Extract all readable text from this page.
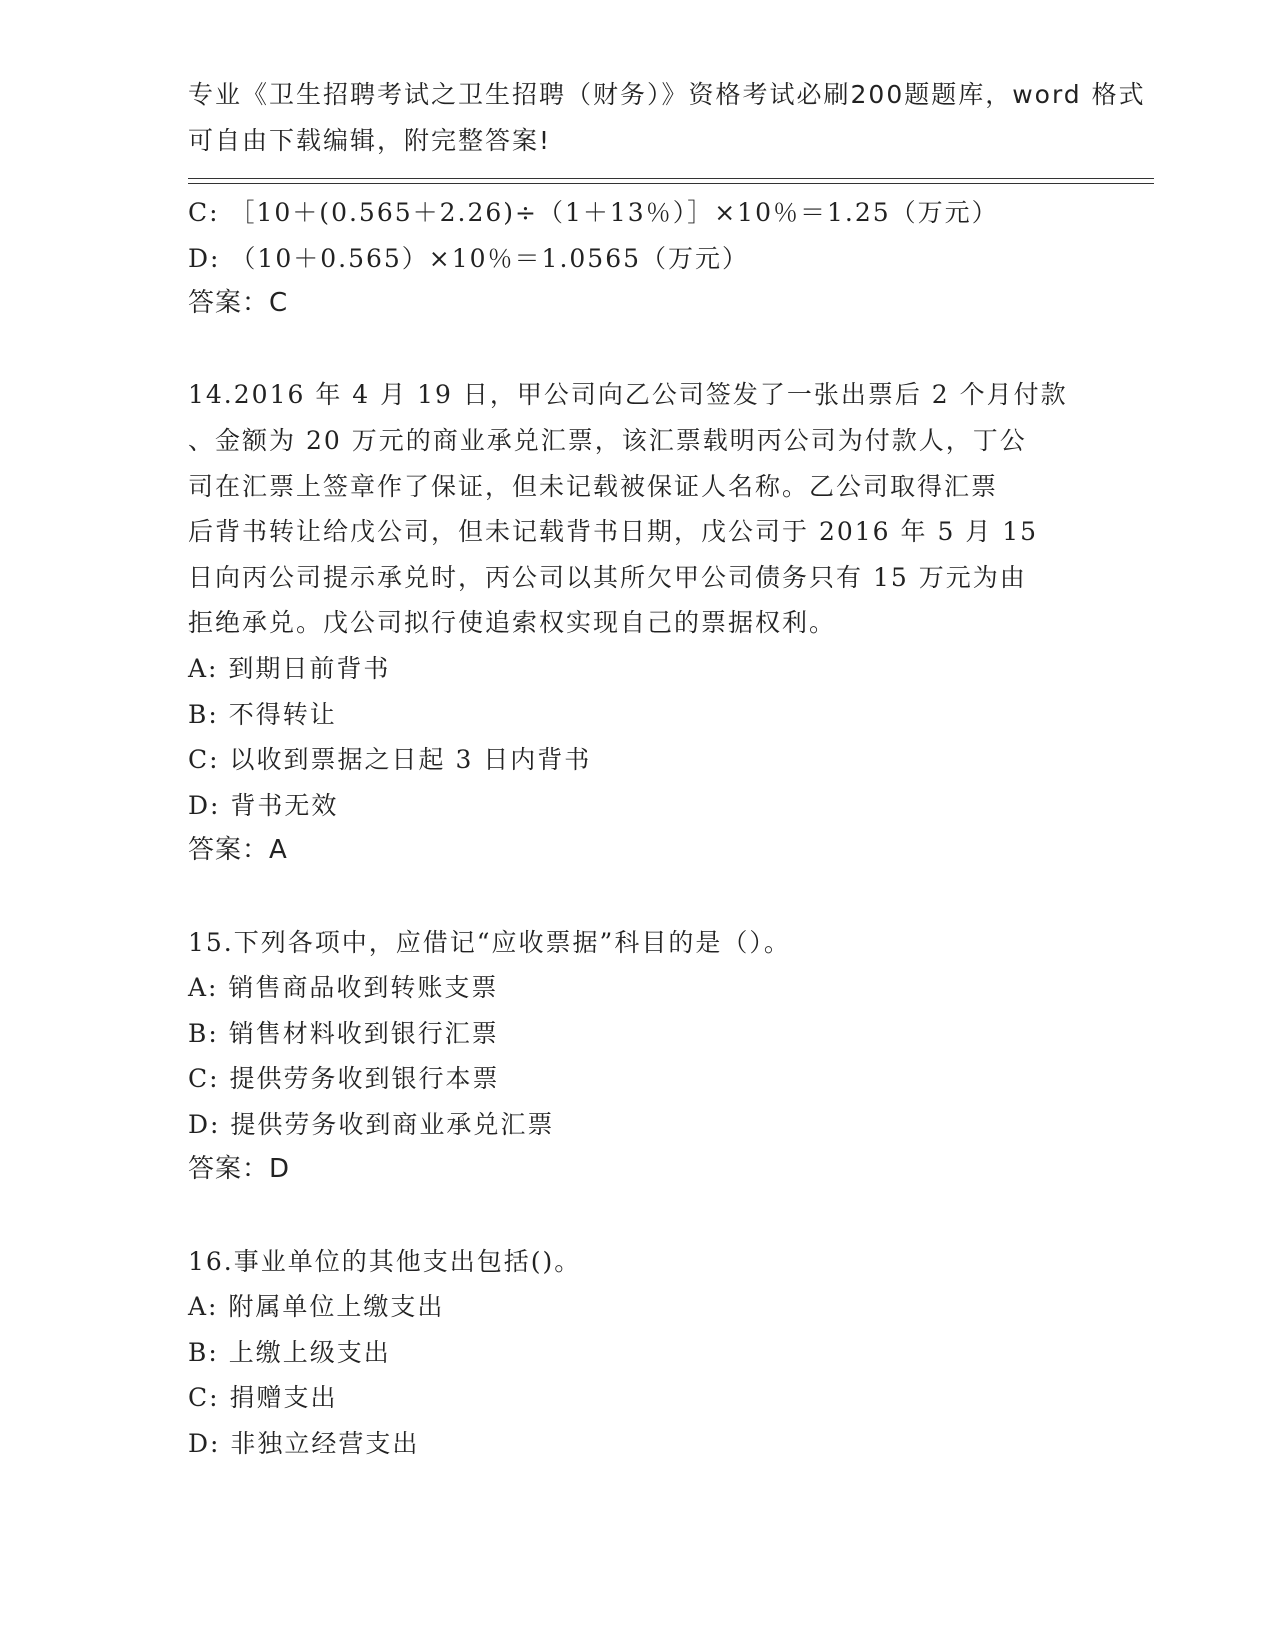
专业《卫生招聘考试之卫生招聘（财务）》资格考试必刷200题题库，word 格式
可自由下载编辑，附完整答案!
C: ［10＋(0.565＋2.26)÷（1＋13％）］×10％＝1.25（万元）
D: （10＋0.565）×10％＝1.0565（万元）
答案：C
14.2016 年 4 月 19 日，甲公司向乙公司签发了一张出票后 2 个月付款
、金额为 20 万元的商业承兑汇票，该汇票载明丙公司为付款人，丁公
司在汇票上签章作了保证，但未记载被保证人名称。乙公司取得汇票
后背书转让给戊公司，但未记载背书日期，戊公司于 2016 年 5 月 15
日向丙公司提示承兑时，丙公司以其所欠甲公司债务只有 15 万元为由
拒绝承兑。戊公司拟行使追索权实现自己的票据权利。
A: 到期日前背书
B: 不得转让
C: 以收到票据之日起 3 日内背书
D: 背书无效
答案：A
15.下列各项中，应借记“应收票据”科目的是（）。
A: 销售商品收到转账支票
B: 销售材料收到银行汇票
C: 提供劳务收到银行本票
D: 提供劳务收到商业承兑汇票
答案：D
16.事业单位的其他支出包括()。
A: 附属单位上缴支出
B: 上缴上级支出
C: 捐赠支出
D: 非独立经营支出
